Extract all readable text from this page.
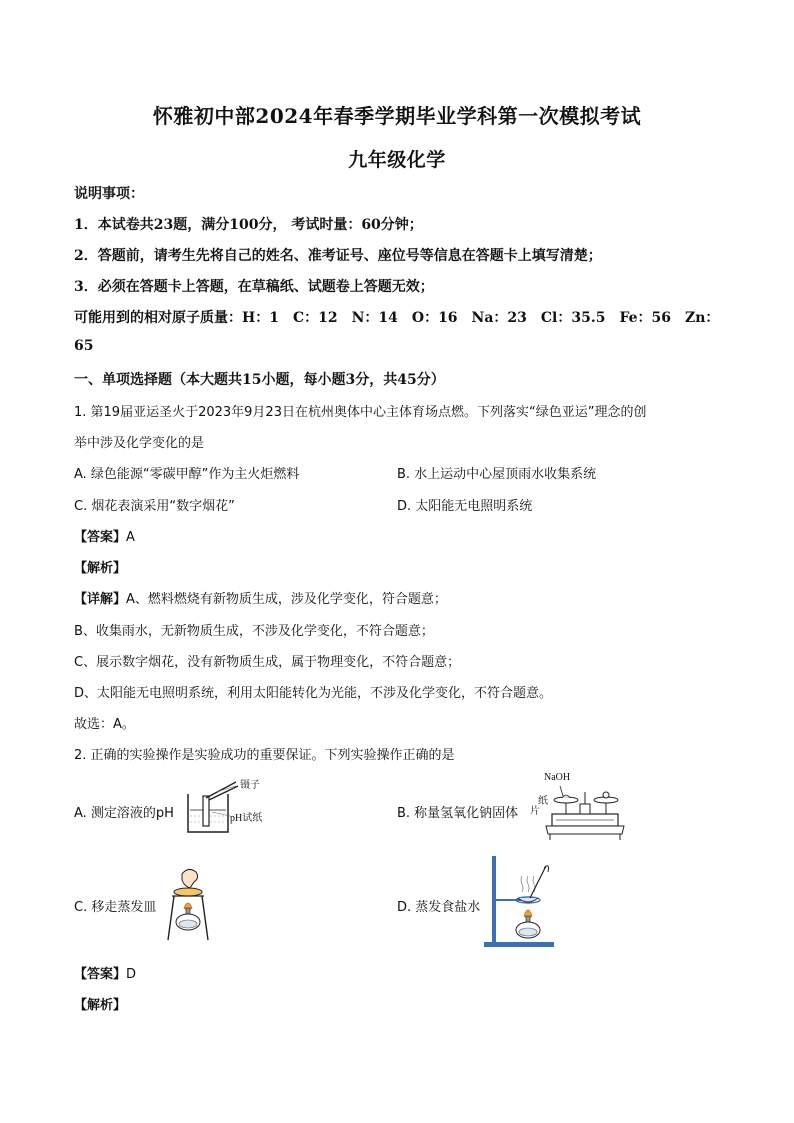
怀雅初中部2024年春季学期毕业学科第一次模拟考试
九年级化学
说明事项：
1．本试卷共23题，满分100分， 考试时量：60分钟；
2．答题前，请考生先将自己的姓名、准考证号、座位号等信息在答题卡上填写清楚；
3．必须在答题卡上答题，在草稿纸、试题卷上答题无效；
可能用到的相对原子质量：H：1　C：12　N：14　O：16　Na：23　Cl：35.5　Fe：56　Zn：
65
一、单项选择题（本大题共15小题，每小题3分，共45分）
1. 第19届亚运圣火于2023年9月23日在杭州奥体中心主体育场点燃。下列落实“绿色亚运”理念的创
举中涉及化学变化的是
A. 绿色能源“零碳甲醇”作为主火炬燃料	B. 水上运动中心屋顶雨水收集系统
C. 烟花表演采用“数字烟花”	D. 太阳能无电照明系统
【答案】A
【解析】
【详解】A、燃料燃烧有新物质生成，涉及化学变化，符合题意；
B、收集雨水，无新物质生成，不涉及化学变化，不符合题意；
C、展示数字烟花，没有新物质生成，属于物理变化，不符合题意；
D、太阳能无电照明系统，利用太阳能转化为光能，不涉及化学变化，不符合题意。
故选：A。
2. 正确的实验操作是实验成功的重要保证。下列实验操作正确的是
A. 测定溶液的pH
镊子
pH试纸	B. 称量氢氧化钠固体
NaOH
纸
片
C. 移走蒸发皿	D. 蒸发食盐水
【答案】D
【解析】
